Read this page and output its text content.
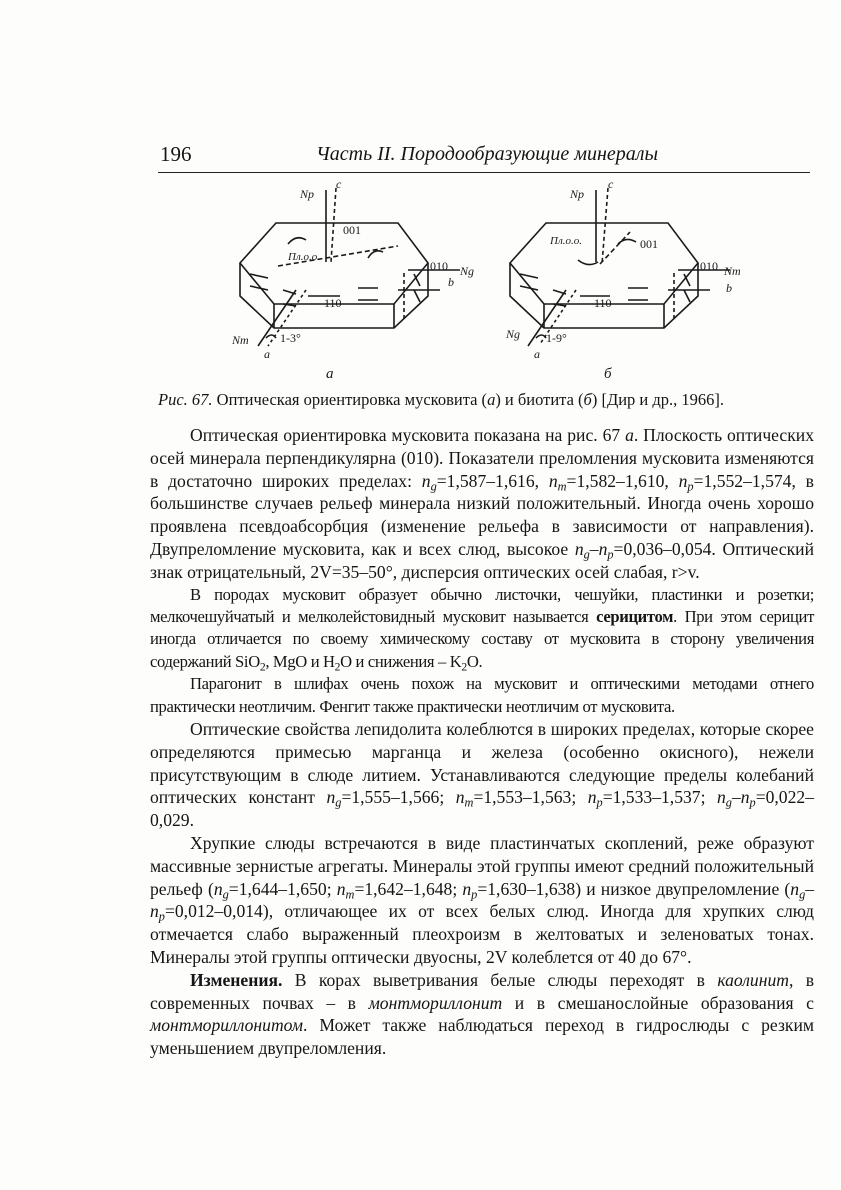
196	Часть II. Породообразующие минералы
Np
c
001
Пл.о.о.
010 Ng
b
110
Nm	1-3°
a
а
Np
c
001
Пл.о.о.
010 Nm
b
110
Ng 1-9°
a
б
Рис. 67. Оптическая ориентировка мусковита (а) и биотита (б) [Дир и др., 1966].

Оптическая ориентировка мусковита показана на рис. 67 а. Плоскость оптических осей минерала перпендикулярна (010). Показатели преломления мусковита изменяются в достаточно широких пределах: $n_g=1,587-1,616$, $n_m=1,582-1,610$, $n_p=1,552-1,574$, в большинстве случаев рельеф минерала низкий положительный. Иногда очень хорошо проявлена псевдоабсорбция (изменение рельефа в зависимости от направления). Двупреломление мусковита, как и всех слюд, высокое $n_g-n_p=0,036-0,054$. Оптический знак отрицательный, 2V=35–50°, дисперсия оптических осей слабая, r>v.

В породах мусковит образует обычно листочки, чешуйки, пластинки и розетки; мелкочешуйчатый и мелколейстовидный мусковит называется серицитом. При этом серицит иногда отличается по своему химическому составу от мусковита в сторону увеличения содержаний SiO$_2$, MgO и $H_2O$ и снижения – $K_2O$.

Парагонит в шлифах очень похож на мусковит и оптическими методами отнего практически неотличим. Фенгит также практически неотличим от мусковита.

Оптические свойства лепидолита колеблются в широких пределах, которые скорее определяются примесью марганца и железа (особенно окисного), нежели присутствующим в слюде литием. Устанавливаются следующие пределы колебаний оптических констант $n_g=1,555-1,566$; $n_m=1,553-1,563$; $n_p=1,533-1,537$; $n_g-n_p=0,022-0,029$.

Хрупкие слюды встречаются в виде пластинчатых скоплений, реже образуют массивные зернистые агрегаты. Минералы этой группы имеют средний положительный рельеф ($n_g=1,644-1,650$; $n_m=1,642-1,648$; $n_p=1,630-1,638$) и низкое двупреломление $(n_g-n_p=0,012-0,014)$, отличающее их от всех белых слюд. Иногда для хрупких слюд отмечается слабо выраженный плеохроизм в желтоватых и зеленоватых тонах. Минералы этой группы оптически двуосны, 2V колеблется от 40 до 67°.

Изменения. В корах выветривания белые слюды переходят в каолинит, в современных почвах – в монтмориллонит и в смешанослойные образования с монтмориллонитом. Может также наблюдаться переход в гидрослюды с резким уменьшением двупреломления.
